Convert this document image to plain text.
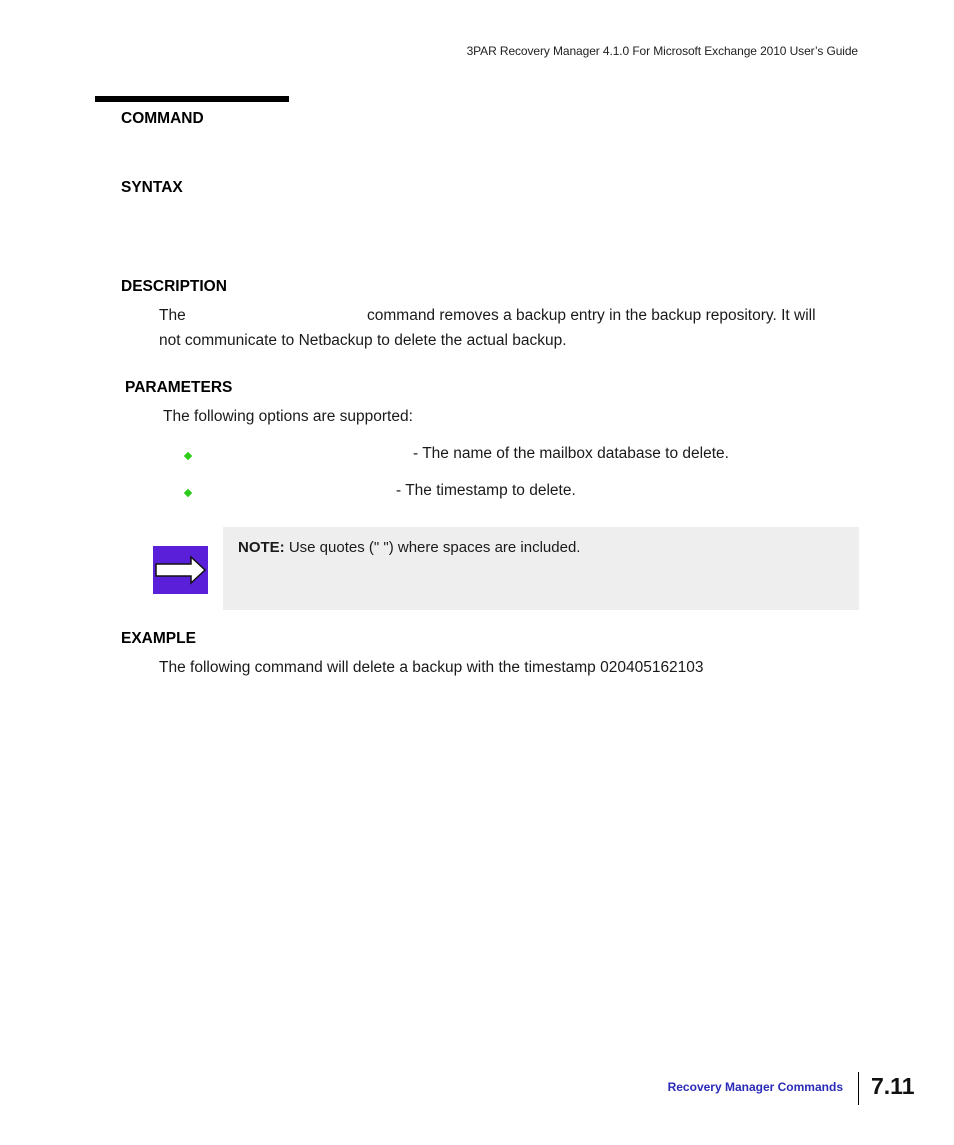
3PAR Recovery Manager 4.1.0 For Microsoft Exchange 2010 User’s Guide
COMMAND
SYNTAX
DESCRIPTION
The	command removes a backup entry in the backup repository. It will
not communicate to Netbackup to delete the actual backup.
PARAMETERS
The following options are supported:
- The name of the mailbox database to delete.
- The timestamp to delete.
NOTE: Use quotes (" ") where spaces are included.
EXAMPLE
The following command will delete a backup with the timestamp 020405162103
Recovery Manager Commands 7.11
